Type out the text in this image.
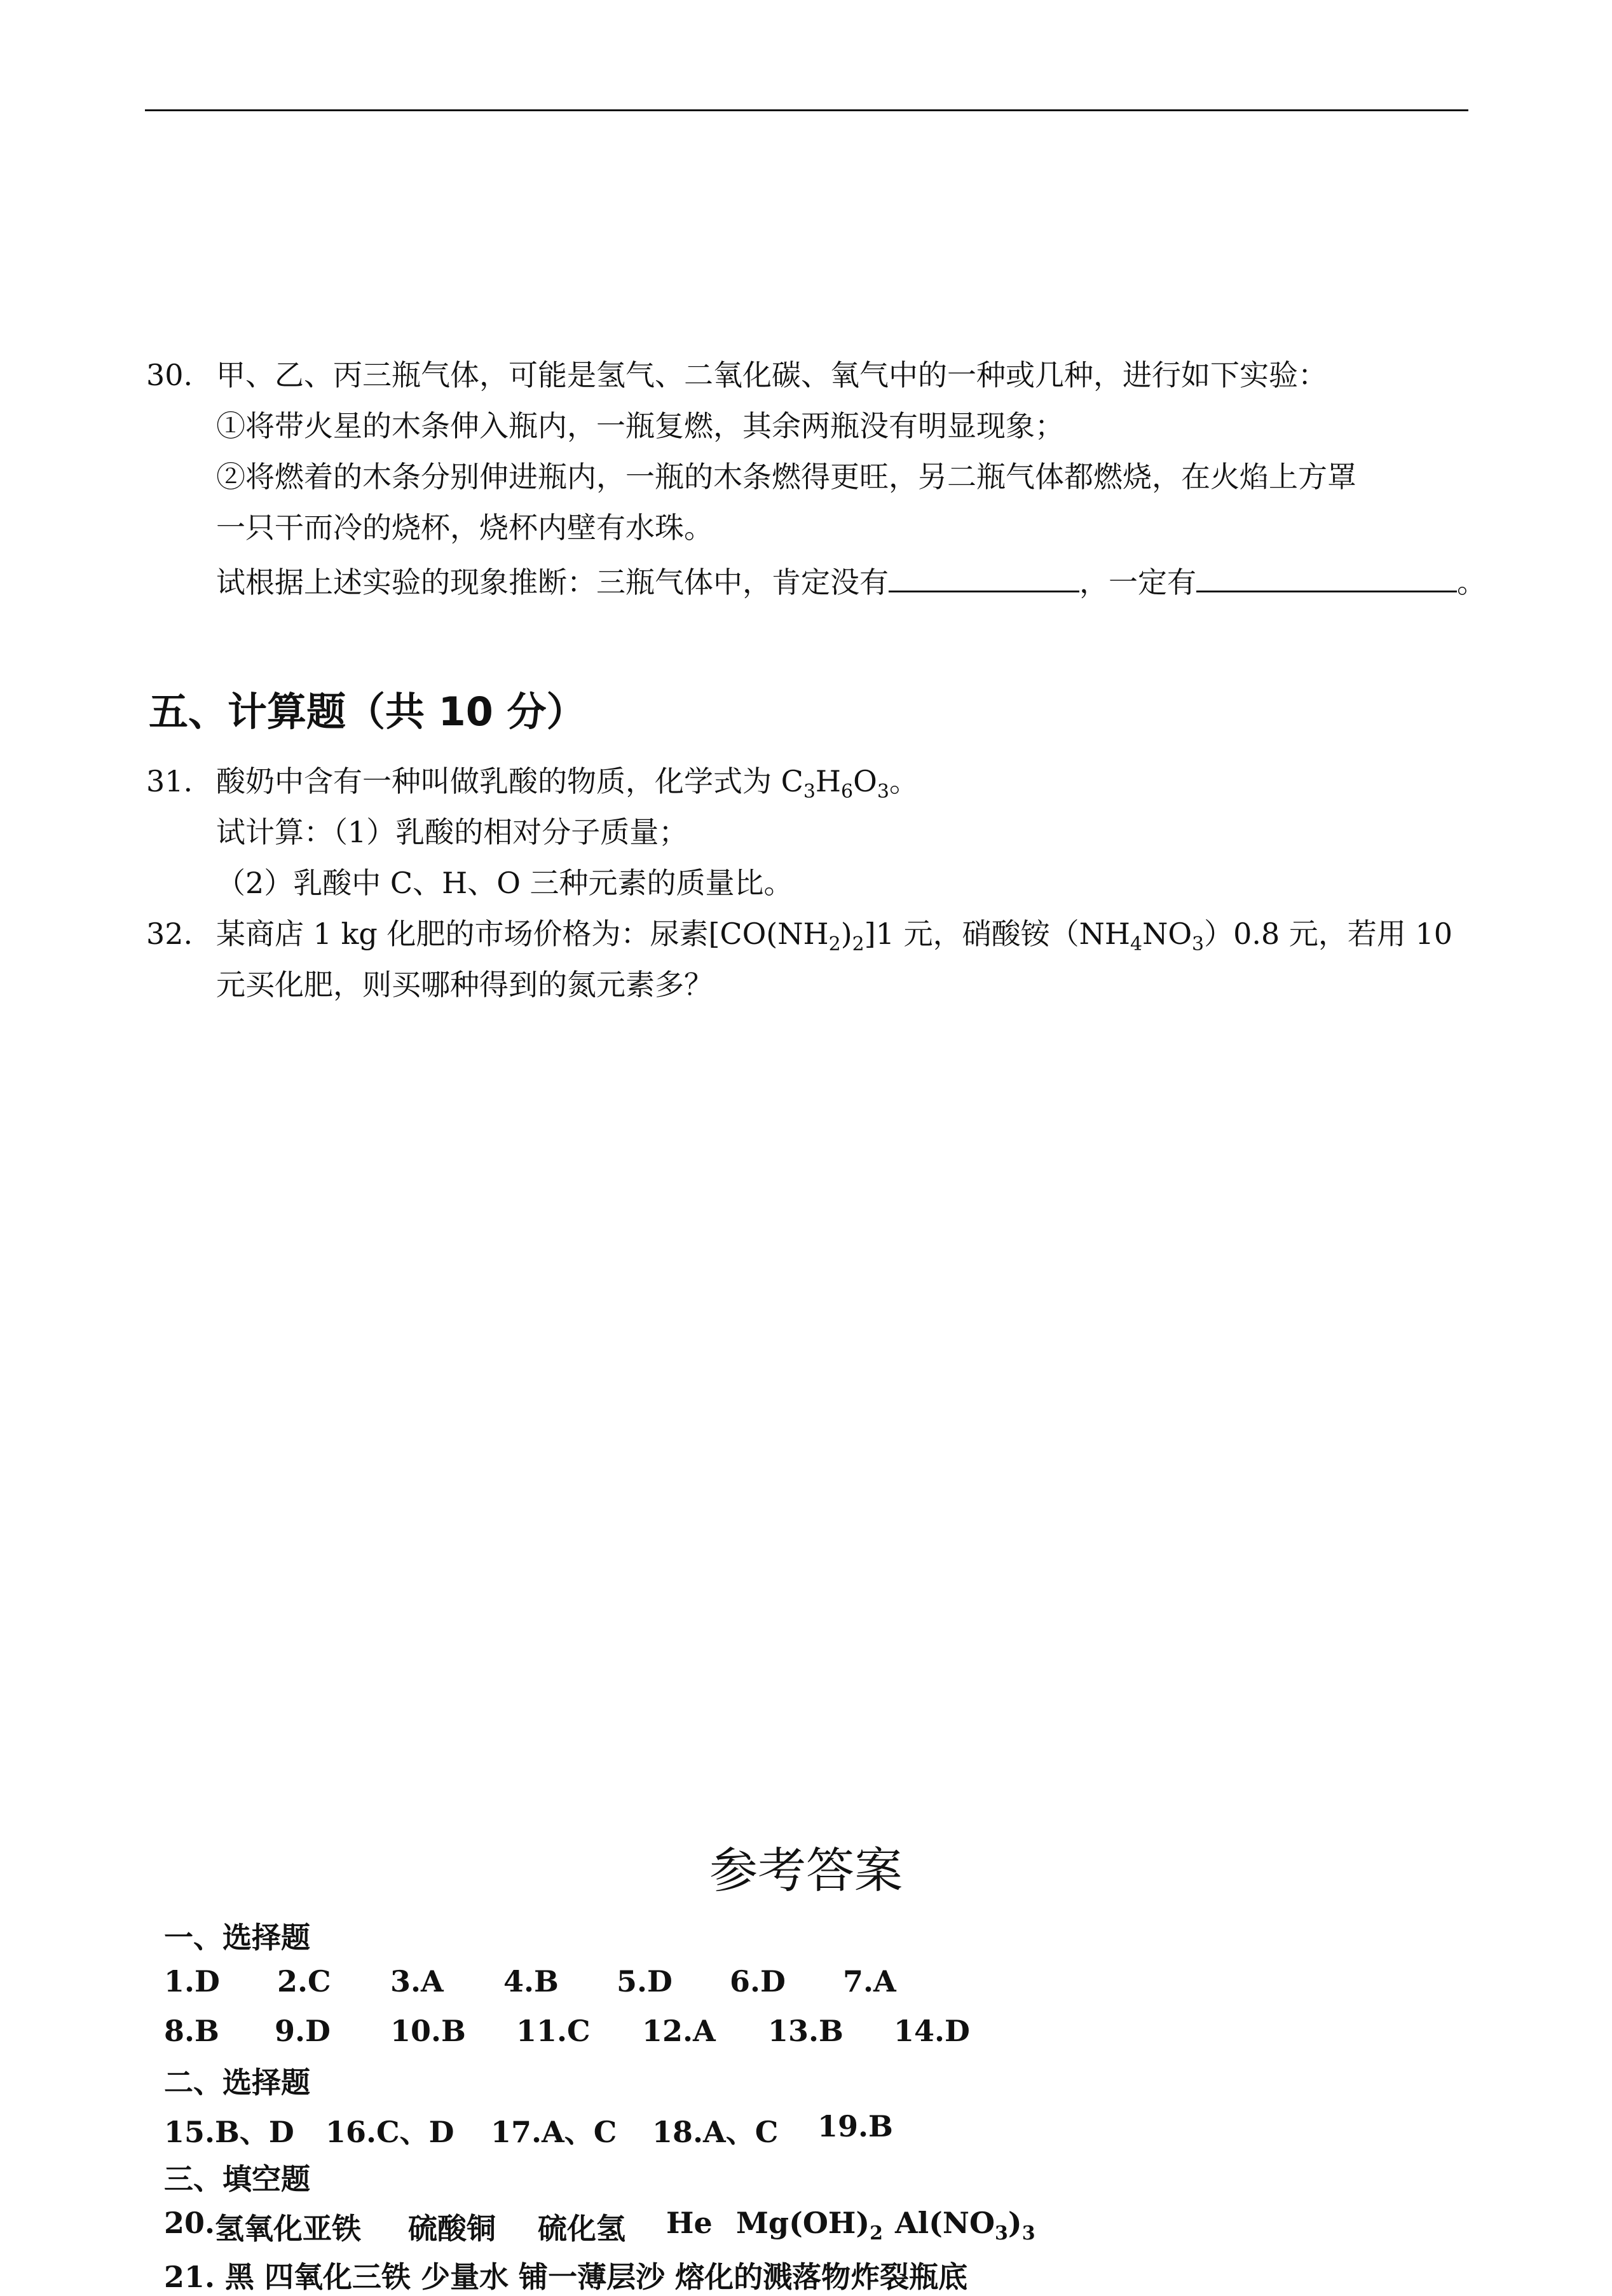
30. 甲、乙、丙三瓶气体，可能是氢气、二氧化碳、氧气中的一种或几种，进行如下实验：
①将带火星的木条伸入瓶内，一瓶复燃，其余两瓶没有明显现象；
②将燃着的木条分别伸进瓶内，一瓶的木条燃得更旺，另二瓶气体都燃烧，在火焰上方罩
一只干而冷的烧杯，烧杯内壁有水珠。
试根据上述实验的现象推断：三瓶气体中，肯定没有	，一定有	。
五、计算题（共 10 分）
31. 酸奶中含有一种叫做乳酸的物质，化学式为 $C_3H_6O_3$。
试计算：（1）乳酸的相对分子质量；
（2）乳酸中 C、H、O 三种元素的质量比。
32. 某商店 1 kg 化肥的市场价格为：尿素$[CO(NH_2)_2]1$ 元，硝酸铵$(NH_4NO_3)0.8$ 元，若用 10
元买化肥，则买哪种得到的氮元素多？
参考答案
一、选择题
1.D 2.C 3.A 4.B 5.D 6.D 7.A
8.B 9.D 10.B 11.C 12.A 13.B 14.D
二、选择题
15.B、D 16.C、D 17.A、C 18.A、C 19.B
三、填空题
20. 氢氧化亚铁 硫酸铜 硫化氢 He $Mg(OH)_2$ $Al(NO_3)_3$
21. 黑 四氧化三铁 少量水 铺一薄层沙 熔化的溅落物炸裂瓶底
